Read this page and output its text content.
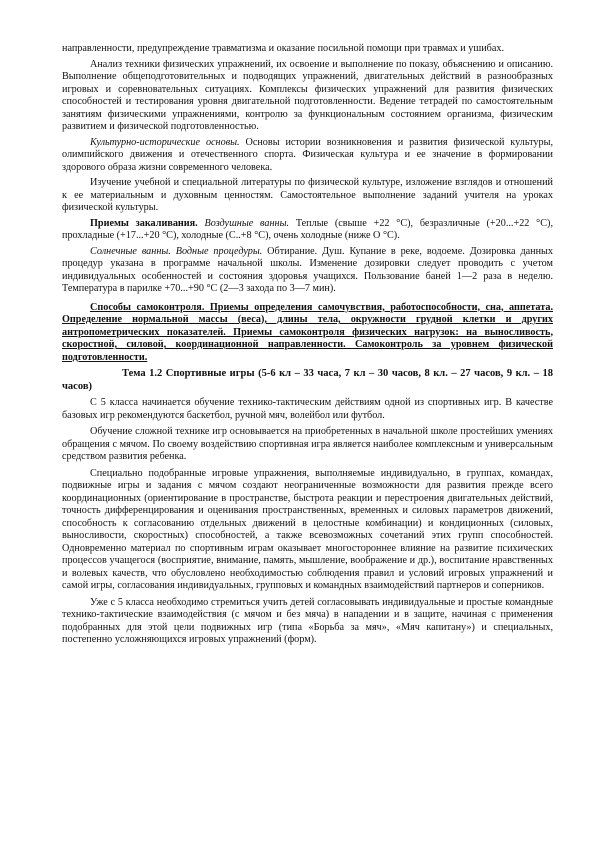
направленности, предупреждение травматизма и оказание посильной помощи при травмах и ушибах.

Анализ техники физических упражнений, их освоение и выполнение по показу, объяснению и описанию. Выполнение общеподготовительных и подводящих упражнений, двигательных действий в разнообразных игровых и соревновательных ситуациях. Комплексы физических упражнений для развития физических способностей и тестирования уровня двигательной подготовленности. Ведение тетрадей по самостоятельным занятиям физическими упражнениями, контролю за функциональным состоянием организма, физическим развитием и физической подготовленностью.

Культурно-исторические основы. Основы истории возникновения и развития физической культуры, олимпийского движения и отечественного спорта. Физическая культура и ее значение в формировании здорового образа жизни современного человека.

Изучение учебной и специальной литературы по физической культуре, изложение взглядов и отношений к ее материальным и духовным ценностям. Самостоятельное выполнение заданий учителя на уроках физической культуры.

Приемы закаливания. Воздушные ванны. Теплые (свыше +22 °С), безразличные (+20...+22 °С), прохладные (+17...+20 °С), холодные (С..+8 °С), очень холодные (ниже О °С).

Солнечные ванны. Водные процедуры. Обтирание. Душ. Купание в реке, водоеме. Дозировка данных процедур указана в программе начальной школы. Изменение дозировки следует проводить с учетом индивидуальных особенностей и состояния здоровья учащихся. Пользование баней 1—2 раза в неделю. Температура в парилке +70...+90 °С (2—3 захода по 3—7 мин).

Способы самоконтроля. Приемы определения самочувствия, работоспособности, сна, аппетата. Определение нормальной массы (веса), длины тела, окружности грудной клетки и других антропометрических показателей. Приемы самоконтроля физических нагрузок: на выносливость, скоростной, силовой, координационной направленности. Самоконтроль за уровнем физической подготовленности.

Тема 1.2 Спортивные игры (5-6 кл – 33 часа, 7 кл – 30 часов, 8 кл. – 27 часов, 9 кл. – 18 часов)

С 5 класса начинается обучение технико-тактическим действиям одной из спортивных игр. В качестве базовых игр рекомендуются баскетбол, ручной мяч, волейбол или футбол.

Обучение сложной технике игр основывается на приобретенных в начальной школе простейших умениях обращения с мячом. По своему воздействию спортивная игра является наиболее комплексным и универсальным средством развития ребенка.

Специально подобранные игровые упражнения, выполняемые индивидуально, в группах, командах, подвижные игры и задания с мячом создают неограниченные возможности для развития прежде всего координационных (ориентирование в пространстве, быстрота реакции и перестроения двигательных действий, точность дифференцирования и оценивания пространственных, временных и силовых параметров движений, способность к согласованию отдельных движений в целостные комбинации) и кондиционных (силовых, выносливости, скоростных) способностей, а также всевозможных сочетаний этих групп способностей. Одновременно материал по спортивным играм оказывает многостороннее влияние на развитие психических процессов учащегося (восприятие, внимание, память, мышление, воображение и др.), воспитание нравственных и волевых качеств, что обусловлено необходимостью соблюдения правил и условий игровых упражнений и самой игры, согласования индивидуальных, групповых и командных взаимодействий партнеров и соперников.

Уже с 5 класса необходимо стремиться учить детей согласовывать индивидуальные и простые командные технико-тактические взаимодействия (с мячом и без мяча) в нападении и в защите, начиная с применения подобранных для этой цели подвижных игр (типа «Борьба за мяч», «Мяч капитану») и специальных, постепенно усложняющихся игровых упражнений (форм).
